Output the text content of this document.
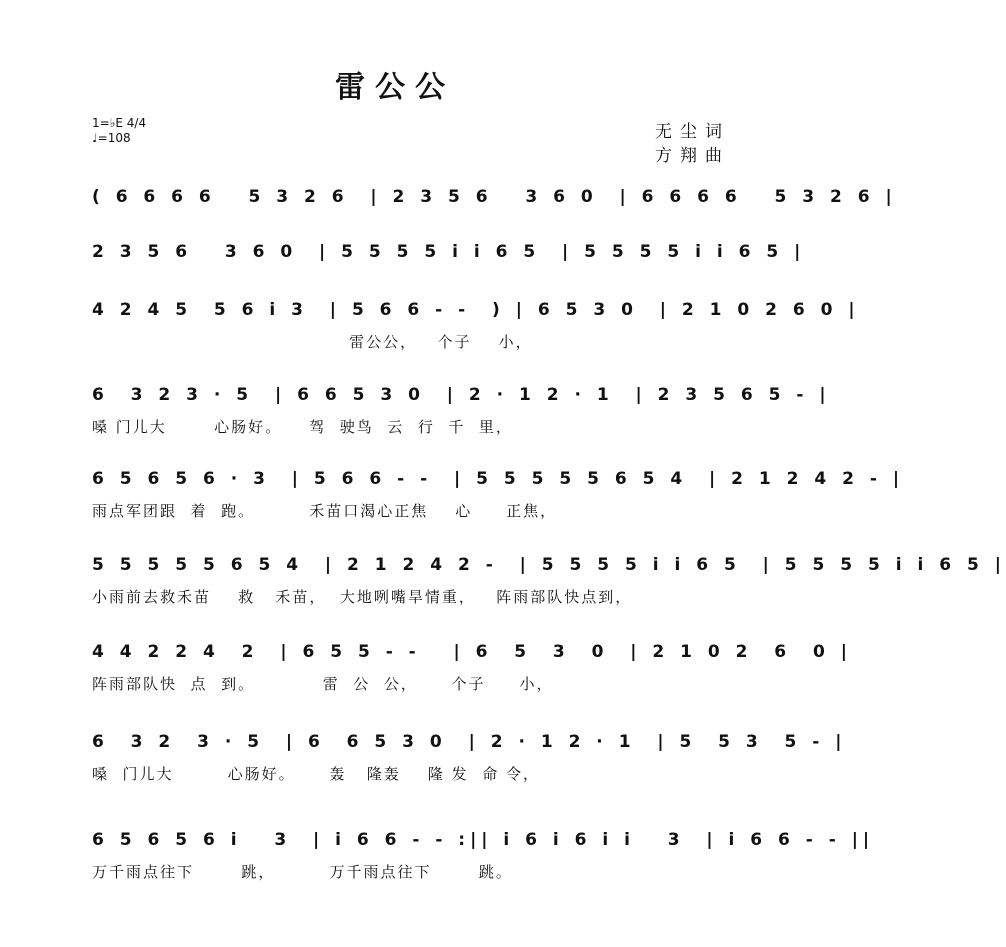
雷公公
1=♭E 4/4
♩=108	无尘词
方翔曲
( 6 6 6 6   5 3 2 6  | 2 3 5 6   3 6 0  | 6 6 6 6   5 3 2 6 |
2 3 5 6   3 6 0  | 5 5 5 5 i i 6 5  | 5 5 5 5 i i 6 5 |
4 2 4 5  5 6 i 3  | 5 6 6 - -  ) | 6 5 3 0  | 2 1 0 2 6 0 |
雷公公，   个子    小，
6  3 2 3 · 5  | 6 6 5 3 0  | 2 · 1 2 · 1  | 2 3 5 6 5 - |
嗓 门儿大       心肠好。    驾  驶鸟  云  行  千  里，
6 5 6 5 6 · 3  | 5 6 6 - -  | 5 5 5 5 5 6 5 4  | 2 1 2 4 2 - |
雨点军团跟  着  跑。        禾苗口渴心正焦    心     正焦，
5 5 5 5 5 6 5 4  | 2 1 2 4 2 -  | 5 5 5 5 i i 6 5  | 5 5 5 5 i i 6 5 |
小雨前去救禾苗    救   禾苗，  大地咧嘴旱情重，   阵雨部队快点到，
4 4 2 2 4  2  | 6 5 5 - -   | 6  5  3  0  | 2 1 0 2  6  0 |
阵雨部队快  点  到。          雷  公  公，     个子     小，
6  3 2  3 · 5  | 6  6 5 3 0  | 2 · 1 2 · 1  | 5  5 3  5 - |
嗓  门儿大        心肠好。     轰   隆轰    隆 发  命 令，
6 5 6 5 6 i   3  | i 6 6 - - :|| i 6 i 6 i i   3  | i 6 6 - - ||
万千雨点往下       跳，        万千雨点往下       跳。
